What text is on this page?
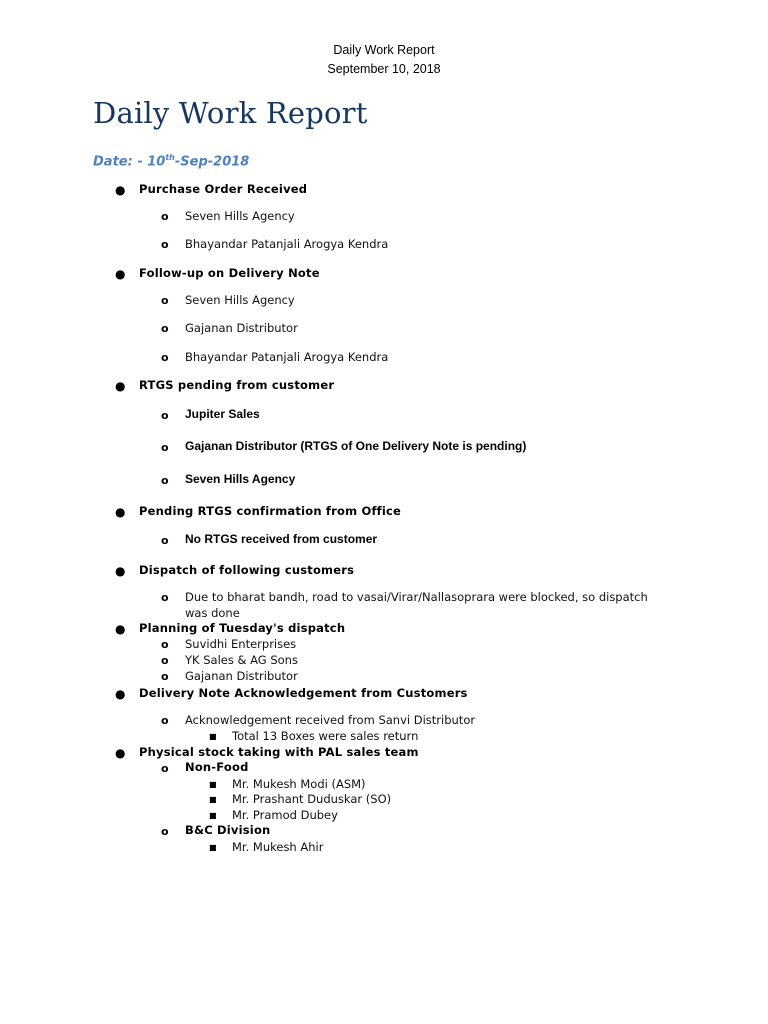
Daily Work Report
September 10, 2018
Daily Work Report
Date: - 10th-Sep-2018
● Purchase Order Received
o Seven Hills Agency
o Bhayandar Patanjali Arogya Kendra
● Follow-up on Delivery Note
o Seven Hills Agency
o Gajanan Distributor
o Bhayandar Patanjali Arogya Kendra
● RTGS pending from customer
o Jupiter Sales
o Gajanan Distributor (RTGS of One Delivery Note is pending)
o Seven Hills Agency
● Pending RTGS confirmation from Office
o No RTGS received from customer
● Dispatch of following customers
o Due to bharat bandh, road to vasai/Virar/Nallasoprara were blocked, so dispatch
was done
● Planning of Tuesday's dispatch
o Suvidhi Enterprises
o YK Sales & AG Sons
o Gajanan Distributor
● Delivery Note Acknowledgement from Customers
o Acknowledgement received from Sanvi Distributor
■ Total 13 Boxes were sales return
● Physical stock taking with PAL sales team
o Non-Food
■ Mr. Mukesh Modi (ASM)
■ Mr. Prashant Duduskar (SO)
■ Mr. Pramod Dubey
o B&C Division
■ Mr. Mukesh Ahir
